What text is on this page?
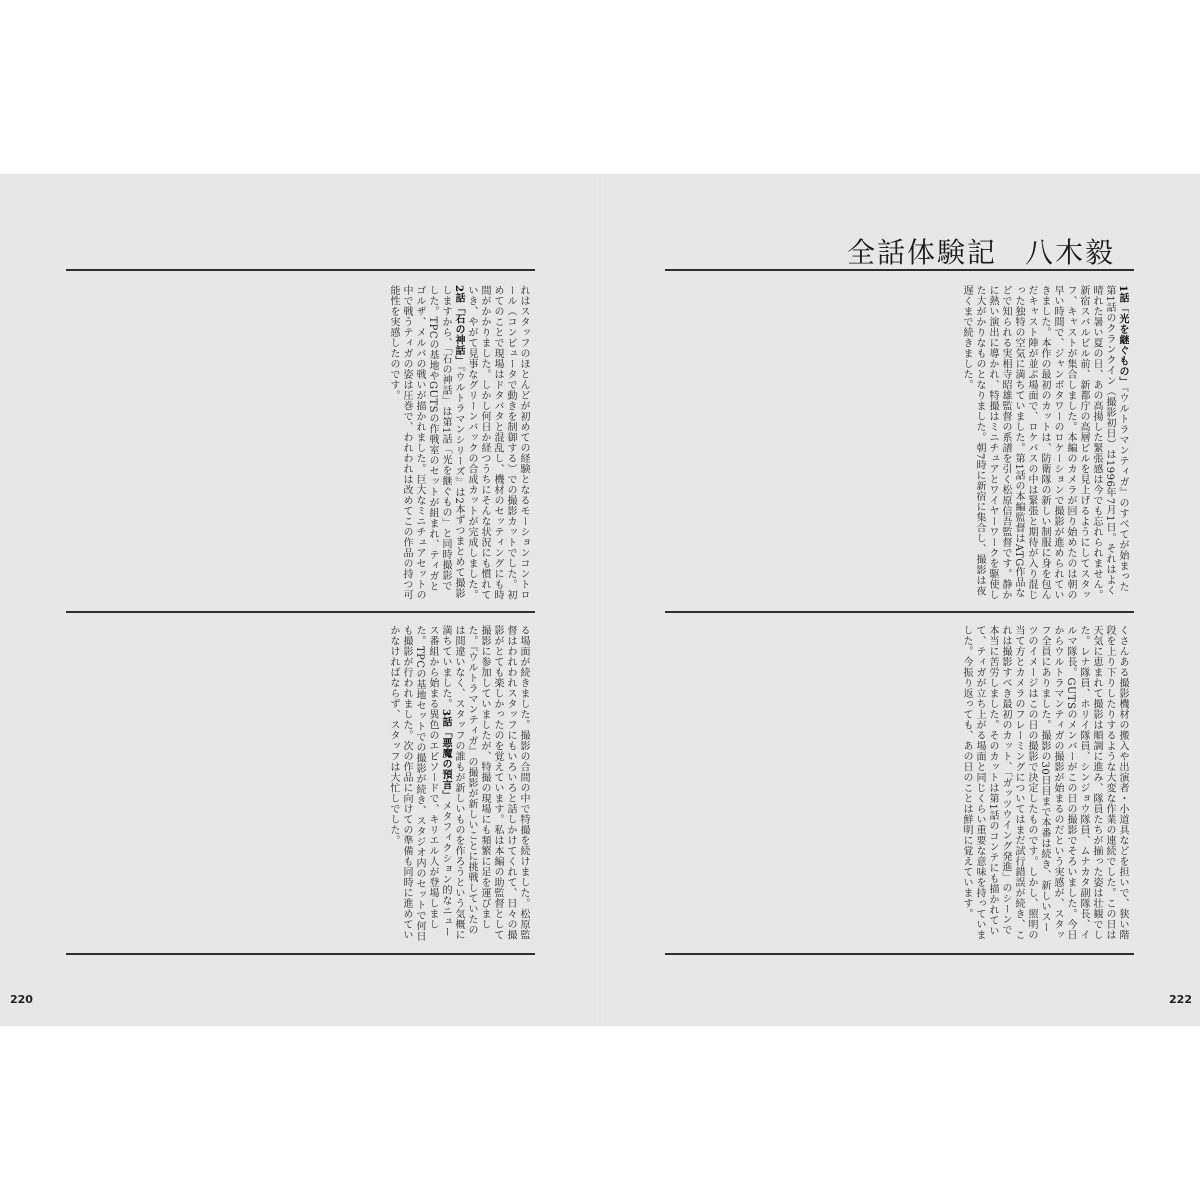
全話体験記 八木毅
1話「光を継ぐもの」『ウルトラマンティガ』のすべてが始まった第1話のクランクイン（撮影初日）は1996年7月1日。それはよく晴れた暑い夏の日、あの高揚した緊張感は今でも忘れられません。新宿スバルビル前、新都庁の高層ビルを見上げるようにしてスタッフ、キャストが集合しました。本編のカメラが回り始めたのは朝の早い時間で、ジャンボタワーのロケーションで撮影が進められていきました。本作の最初のカットは、防衛隊の新しい制服に身を包んだキャスト陣が並ぶ場面で、ロケバスの中は緊張と期待が入り混じった独特の空気に満ちていました。第1話の本編監督はATG作品などで知られる実相寺昭雄監督の系譜を引く松原信吾監督です。静かに熱い演出に導かれ、特撮はミニチュアとワイヤーワークを駆使した大がかりなものとなりました。朝7時に新宿に集合し、撮影は夜遅くまで続きました。
くさんある撮影機材の搬入や出演者・小道具などを担いで、狭い階段を上り下りしたりするような大変な作業の連続でした。この日は天気に恵まれて撮影は順調に進み、隊員たちが揃った姿は壮観でした。レナ隊員、ホリイ隊員、シンジョウ隊員、ムナカタ副隊長、イルマ隊長。GUTSのメンバーがこの日の撮影でそろいました。今日からウルトラマンティガの撮影が始まるのだという実感が、スタッフ全員にありました。撮影の30日目まで本番は続き、新しいスーツのイメージはこの日の撮影で決定したものです。しかし、照明の当て方とカメラのフレーミングについてはまだ試行錯誤が続き、これは撮影すべき最初のカット、「ガッツウイング発進」のシーンで本当に苦労しました。そのカットは第1話のコンテにも描かれていて、ティガが立ち上がる場面と同じくらい重要な意味を持っていました。今振り返っても、あの日のことは鮮明に覚えています。
れはスタッフのほとんどが初めての経験となるモーションコントロール（コンピュータで動きを制御する）での撮影カットでした。初めてのことで現場はドタバタと混乱し、機材のセッティングにも時間がかかりました。しかし何日か経つうちにそんな状況にも慣れていき、やがて見事なグリーンバックの合成カットが完成しました。2話「石の神話」『ウルトラマンシリーズ』は2本ずつまとめて撮影しますから、「石の神話」は第1話「光を継ぐもの」と同時撮影でした。TPCの基地やGUTSの作戦室のセットが組まれ、ティガとゴルザ、メルバの戦いが描かれました。巨大なミニチュアセットの中で戦うティガの姿は圧巻で、われわれは改めてこの作品の持つ可能性を実感したのです。
る場面が続きました。撮影の合間の中で特撮を続けました。松原監督はわれわれスタッフにもいろいろと話しかけてくれて、日々の撮影がとても楽しかったのを覚えています。私は本編の助監督として撮影に参加していましたが、特撮の現場にも頻繁に足を運びました。『ウルトラマンティガ』の撮影が新しいことに挑戦していたのは間違いなく、スタッフの誰もが新しいものを作ろうという気概に満ちていました。3話「悪魔の預言」メタフィクション的なニュース番組から始まる異色のエピソードで、キリエル人が登場しました。TPCの基地セットでの撮影が続き、スタジオ内のセットで何日も撮影が行われました。次の作品に向けての準備も同時に進めていかなければならず、スタッフは大忙しでした。
220	222
